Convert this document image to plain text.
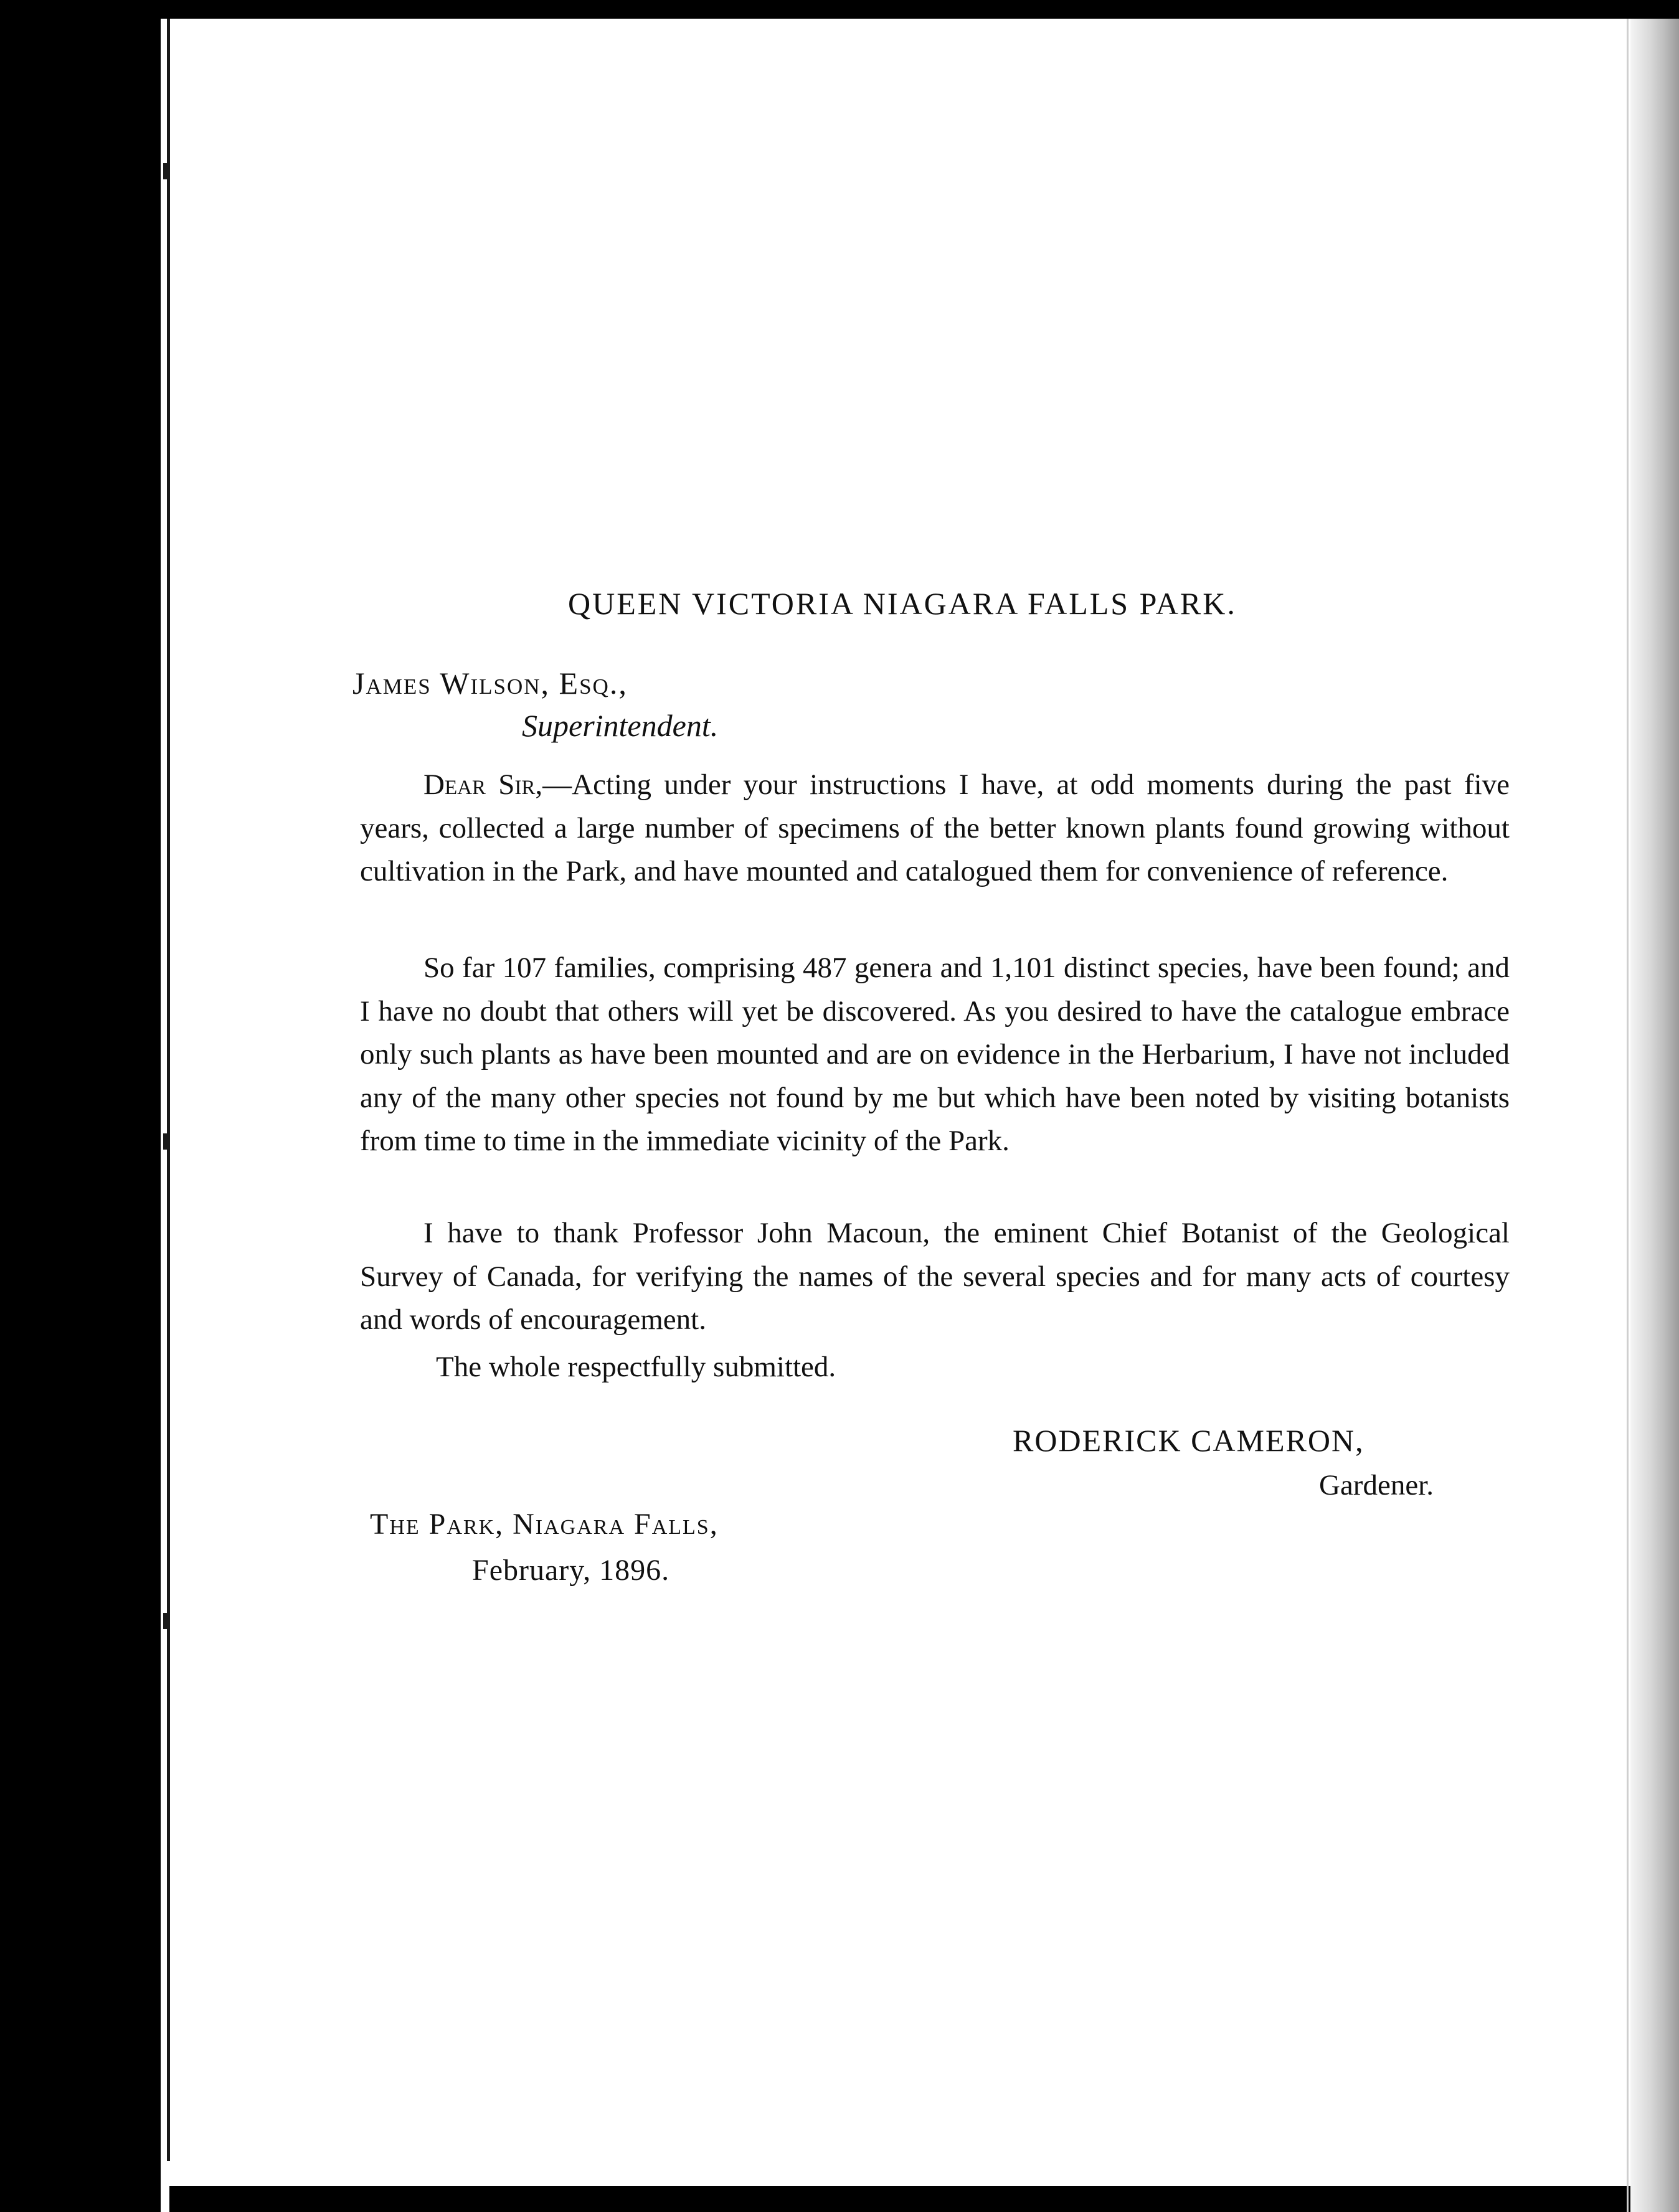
QUEEN VICTORIA NIAGARA FALLS PARK.
James Wilson, Esq.,
Superintendent.

Dear Sir,—Acting under your instructions I have, at odd moments during the past five years, collected a large number of specimens of the better known plants found growing without cultivation in the Park, and have mounted and catalogued them for convenience of reference.

So far 107 families, comprising 487 genera and 1,101 distinct species, have been found; and I have no doubt that others will yet be discovered. As you desired to have the catalogue embrace only such plants as have been mounted and are on evidence in the Herbarium, I have not included any of the many other species not found by me but which have been noted by visiting botanists from time to time in the immediate vicinity of the Park.

I have to thank Professor John Macoun, the eminent Chief Botanist of the Geological Survey of Canada, for verifying the names of the several species and for many acts of courtesy and words of encouragement.

The whole respectfully submitted.
RODERICK CAMERON,
Gardener.
The Park, Niagara Falls,
February, 1896.
